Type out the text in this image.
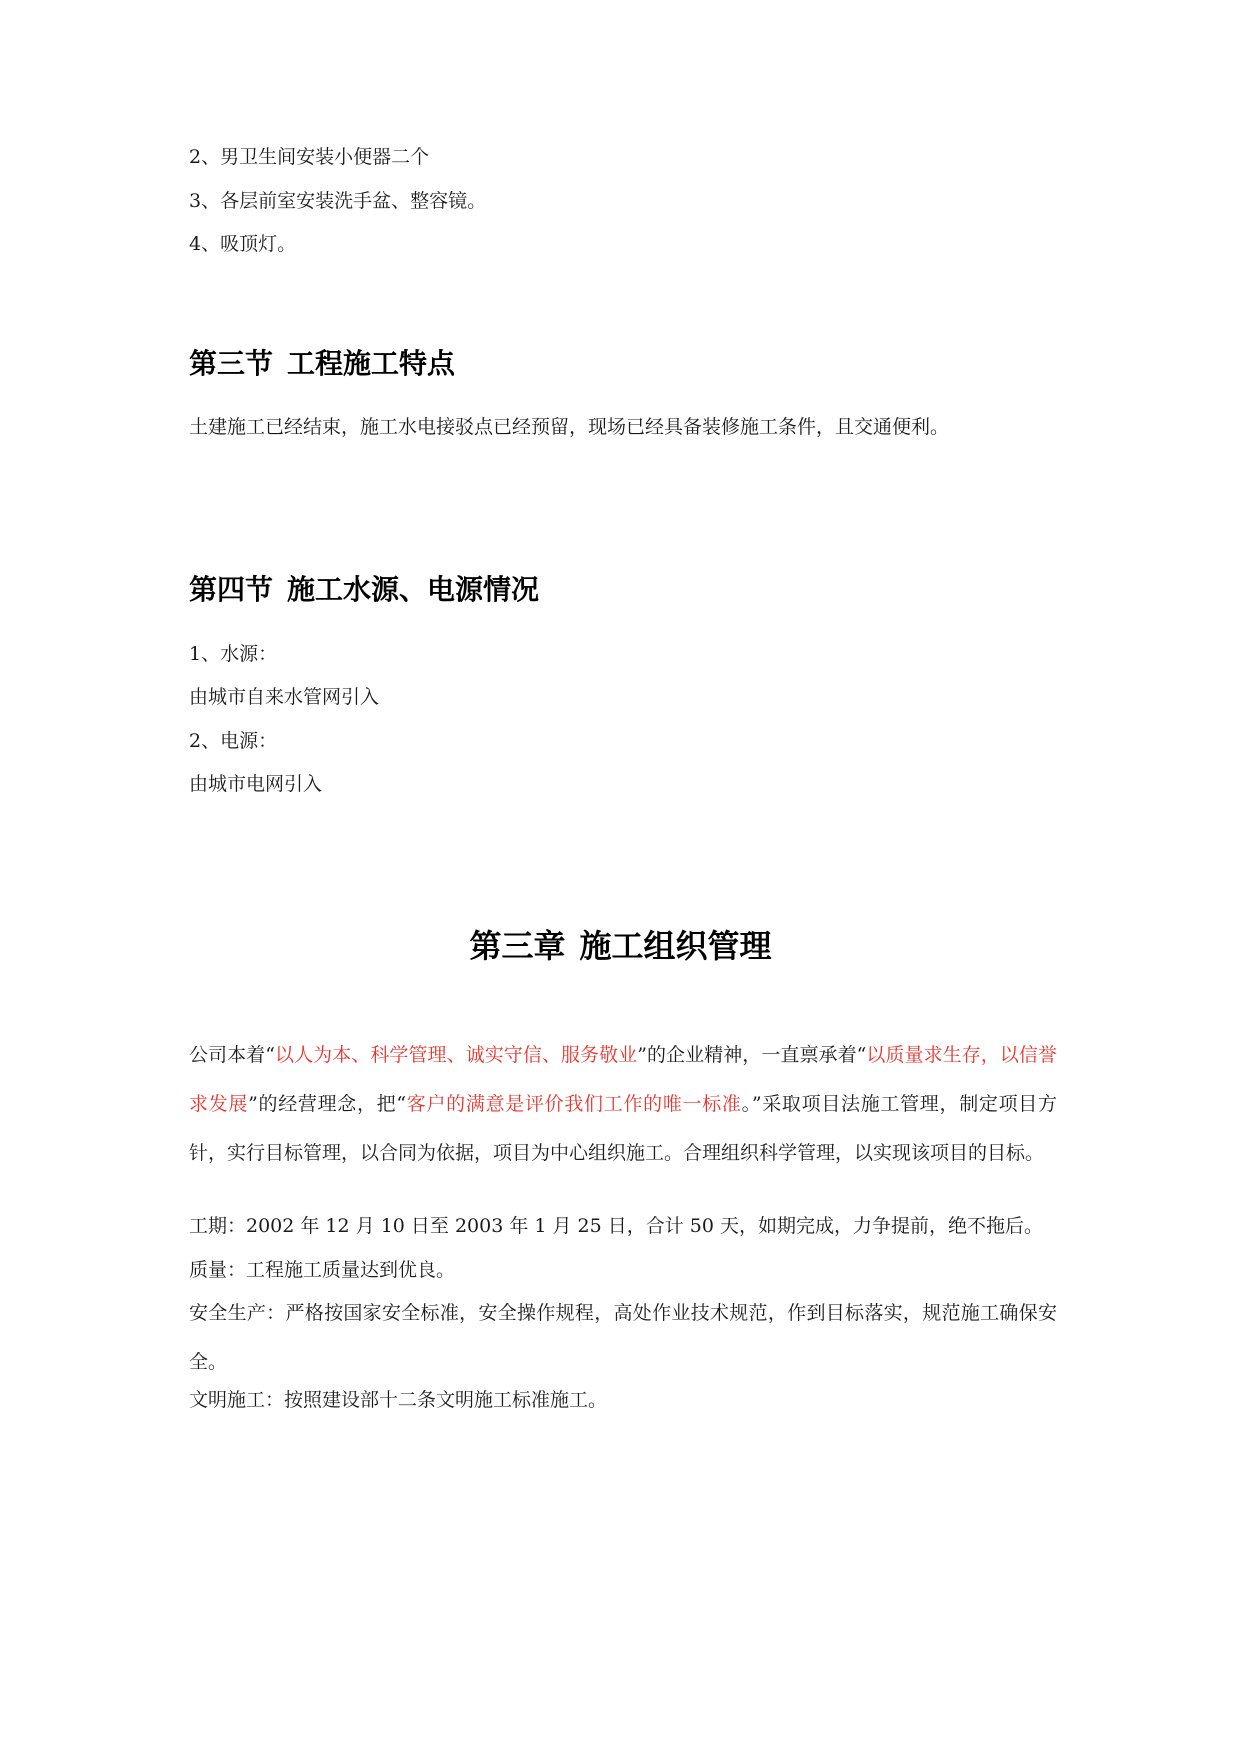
2、男卫生间安装小便器二个

3、各层前室安装洗手盆、整容镜。

4、吸顶灯。

第三节 工程施工特点

土建施工已经结束，施工水电接驳点已经预留，现场已经具备装修施工条件，且交通便利。

第四节 施工水源、电源情况

1、水源：

由城市自来水管网引入

2、电源：

由城市电网引入

第三章 施工组织管理

公司本着“以人为本、科学管理、诚实守信、服务敬业”的企业精神，一直禀承着“以质量求生存，以信誉求发展”的经营理念，把“客户的满意是评价我们工作的唯一标准。”采取项目法施工管理，制定项目方针，实行目标管理，以合同为依据，项目为中心组织施工。合理组织科学管理，以实现该项目的目标。

工期：2002 年 12 月 10 日至 2003 年 1 月 25 日，合计 50 天，如期完成，力争提前，绝不拖后。

质量：工程施工质量达到优良。

安全生产：严格按国家安全标准，安全操作规程，高处作业技术规范，作到目标落实，规范施工确保安全。

文明施工：按照建设部十二条文明施工标准施工。
